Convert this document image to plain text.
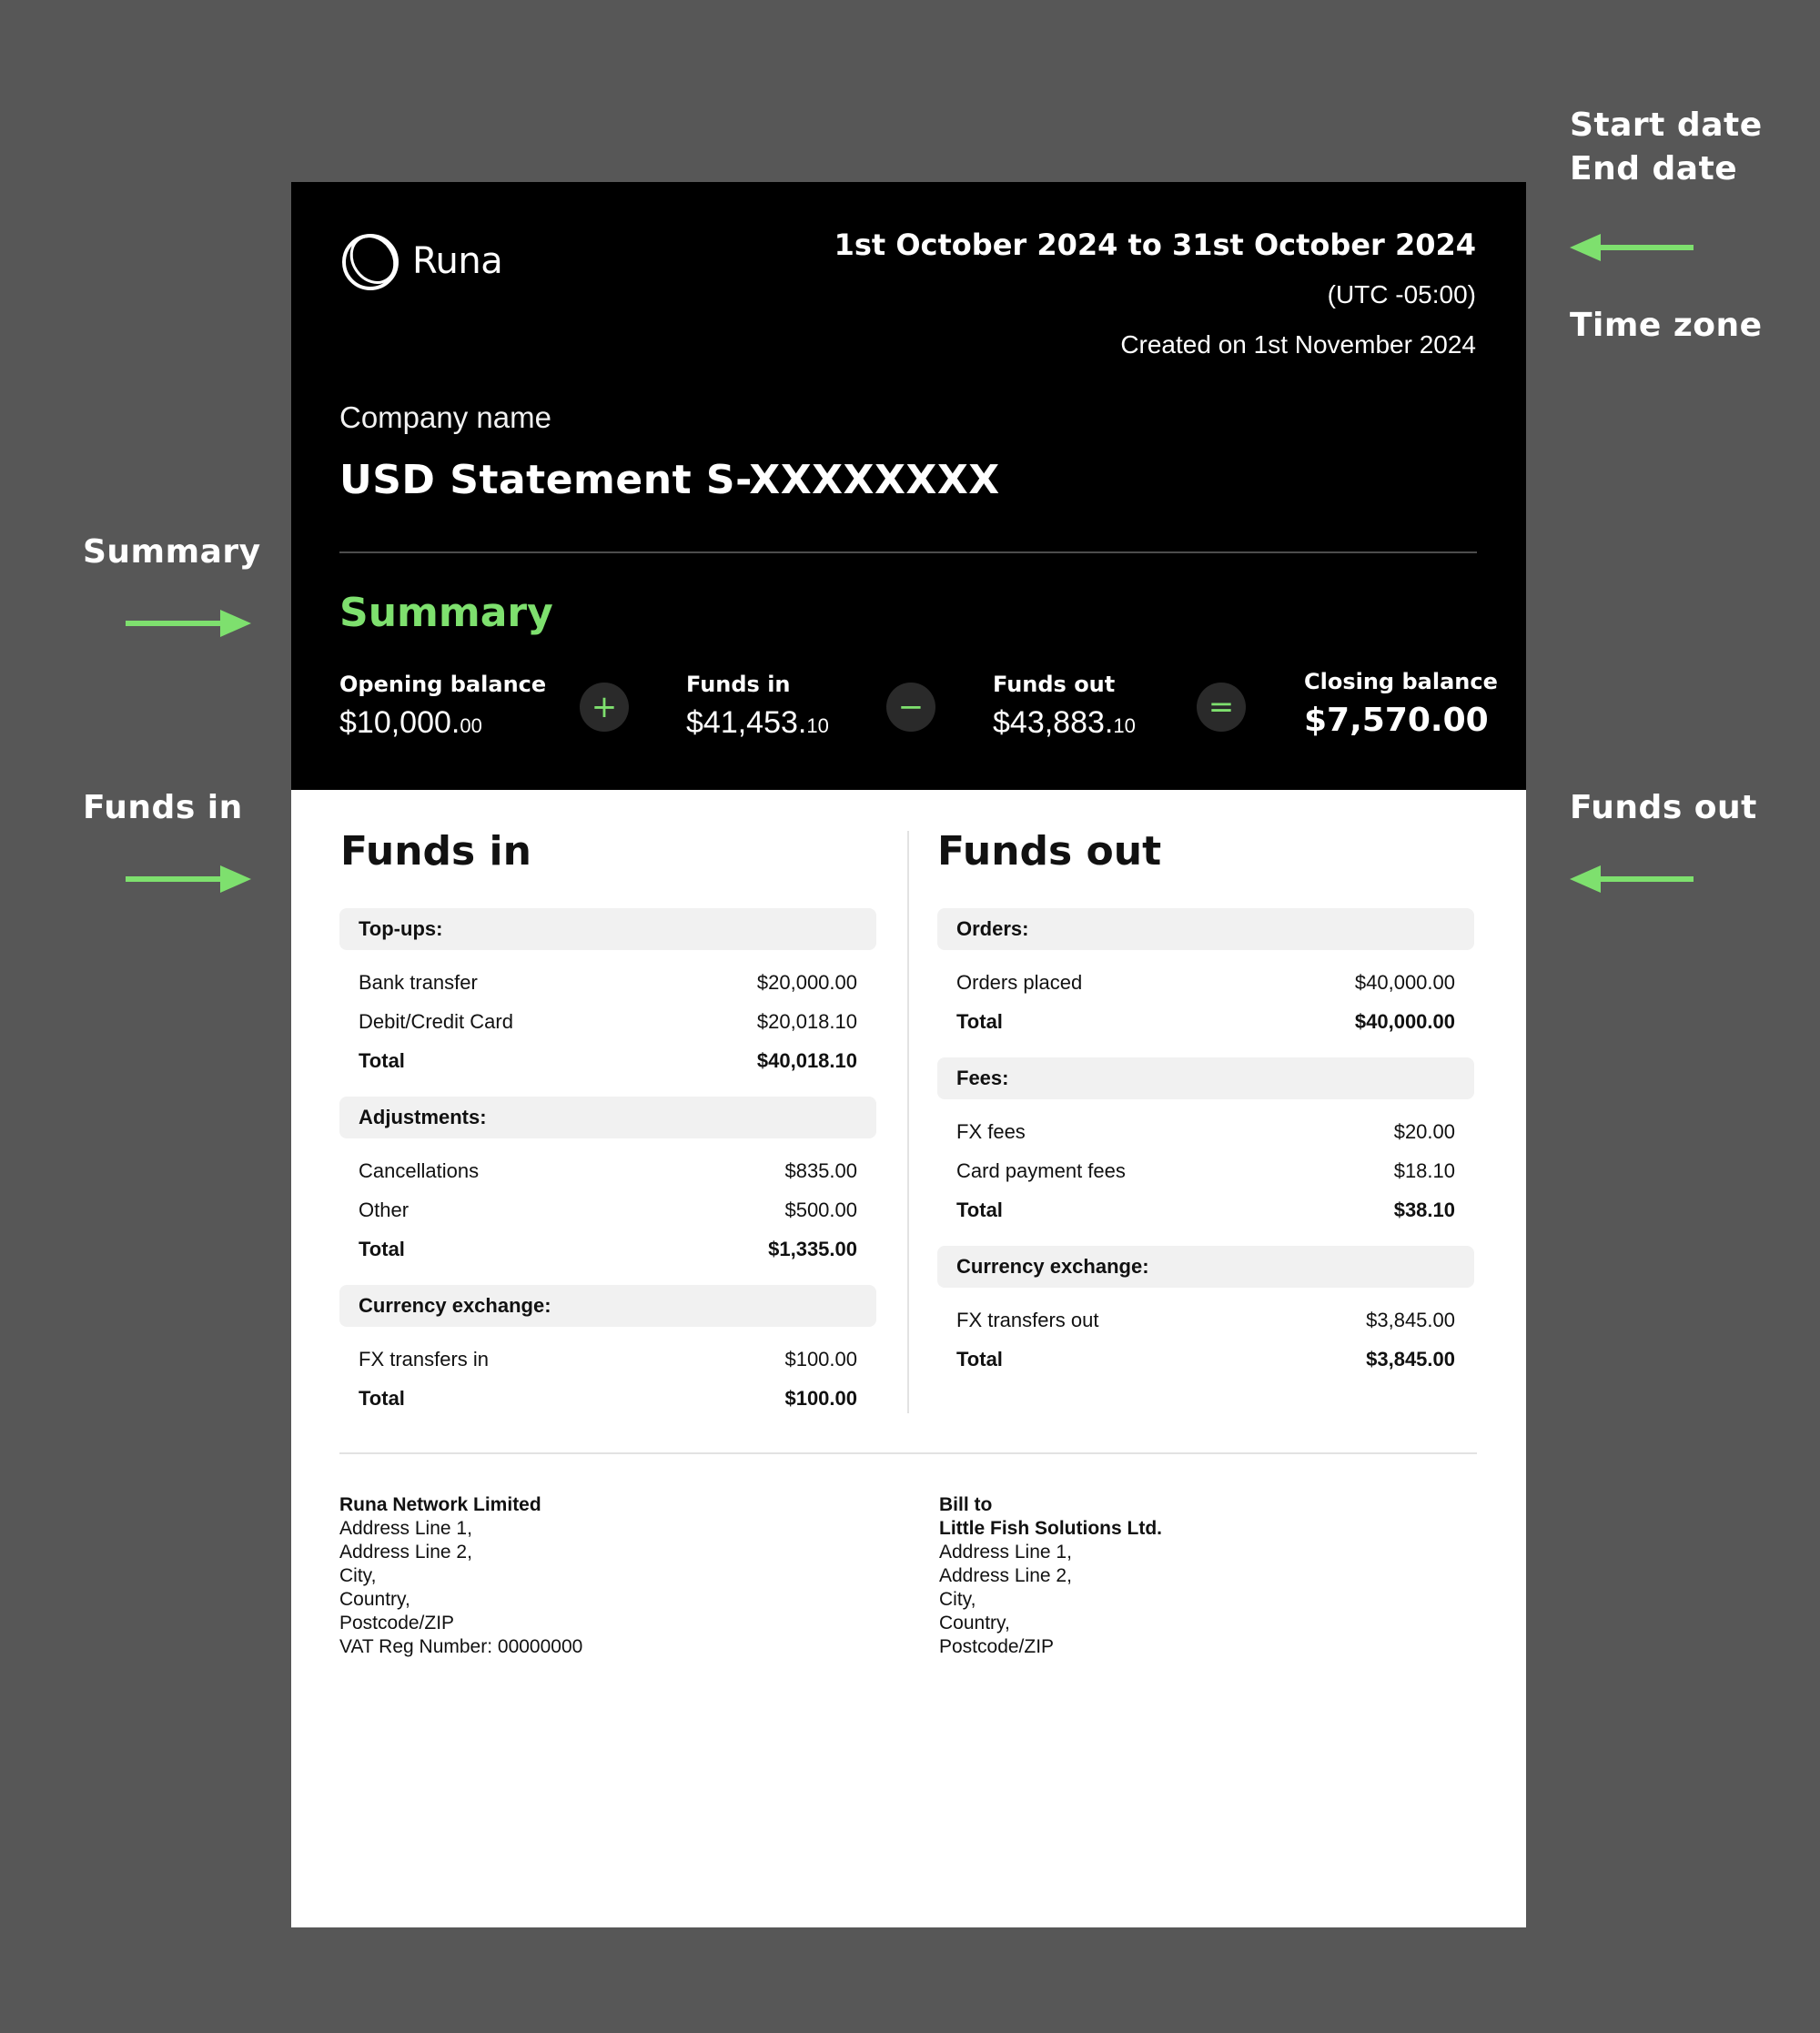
Start date
End date
Time zone
Summary
Funds in	Funds out
Runa	1st October 2024 to 31st October 2024
(UTC -05:00)
Created on 1st November 2024
Company name
USD Statement S-XXXXXXXX
Summary
Opening balance
$10,000.00
+
Funds in
$41,453.10
−
Funds out
$43,883.10
=
Closing balance
$7,570.00
Funds in
Top-ups:
Bank transfer	$20,000.00
Debit/Credit Card	$20,018.10
Total	$40,018.10
Adjustments:
Cancellations	$835.00
Other	$500.00
Total	$1,335.00
Currency exchange:
FX transfers in	$100.00
Total	$100.00
Funds out
Orders:
Orders placed	$40,000.00
Total	$40,000.00
Fees:
FX fees	$20.00
Card payment fees	$18.10
Total	$38.10
Currency exchange:
FX transfers out	$3,845.00
Total	$3,845.00
Runa Network Limited
Address Line 1,
Address Line 2,
City,
Country,
Postcode/ZIP
VAT Reg Number: 00000000
Bill to
Little Fish Solutions Ltd.
Address Line 1,
Address Line 2,
City,
Country,
Postcode/ZIP
